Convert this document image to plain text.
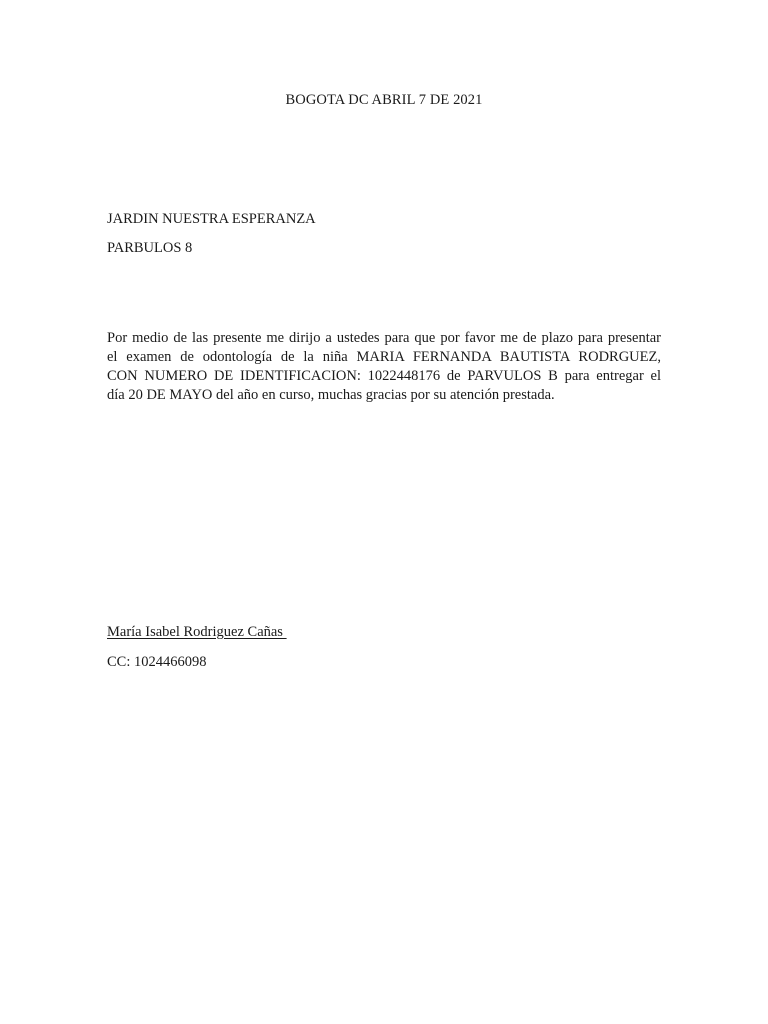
BOGOTA DC ABRIL 7 DE 2021
JARDIN NUESTRA ESPERANZA
PARBULOS 8
Por medio de las presente me dirijo a ustedes para que por favor me de plazo para presentar
el examen de odontología de la niña MARIA FERNANDA BAUTISTA RODRGUEZ,
CON NUMERO DE IDENTIFICACION: 1022448176 de PARVULOS B para entregar el
día 20 DE MAYO del año en curso, muchas gracias por su atención prestada.
María Isabel Rodriguez Cañas
CC: 1024466098
